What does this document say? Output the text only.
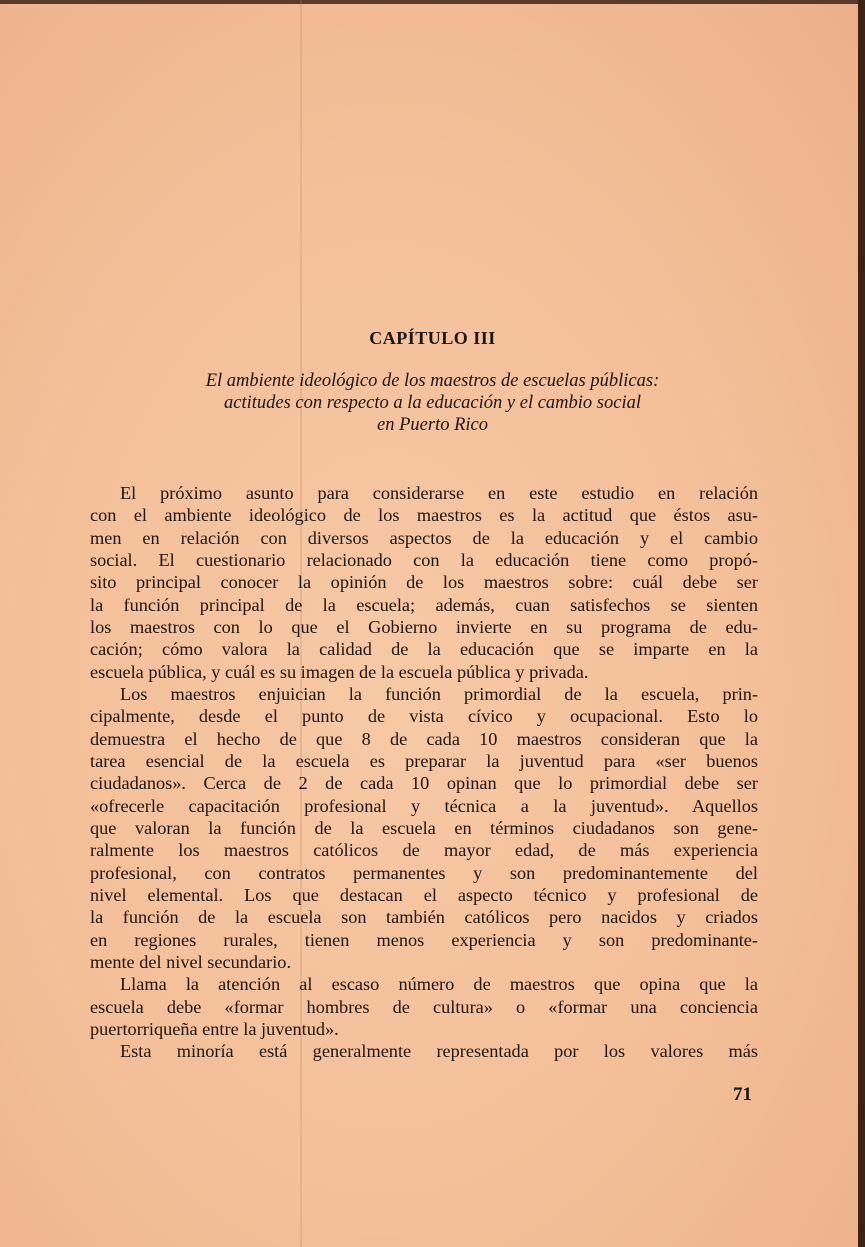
CAPÍTULO III
El ambiente ideológico de los maestros de escuelas públicas:
actitudes con respecto a la educación y el cambio social
en Puerto Rico
El próximo asunto para considerarse en este estudio en relación
con el ambiente ideológico de los maestros es la actitud que éstos asu-
men en relación con diversos aspectos de la educación y el cambio
social. El cuestionario relacionado con la educación tiene como propó-
sito principal conocer la opinión de los maestros sobre: cuál debe ser
la función principal de la escuela; además, cuan satisfechos se sienten
los maestros con lo que el Gobierno invierte en su programa de edu-
cación; cómo valora la calidad de la educación que se imparte en la
escuela pública, y cuál es su imagen de la escuela pública y privada.
Los maestros enjuician la función primordial de la escuela, prin-
cipalmente, desde el punto de vista cívico y ocupacional. Esto lo
demuestra el hecho de que 8 de cada 10 maestros consideran que la
tarea esencial de la escuela es preparar la juventud para «ser buenos
ciudadanos». Cerca de 2 de cada 10 opinan que lo primordial debe ser
«ofrecerle capacitación profesional y técnica a la juventud». Aquellos
que valoran la función de la escuela en términos ciudadanos son gene-
ralmente los maestros católicos de mayor edad, de más experiencia
profesional, con contratos permanentes y son predominantemente del
nivel elemental. Los que destacan el aspecto técnico y profesional de
la función de la escuela son también católicos pero nacidos y criados
en regiones rurales, tienen menos experiencia y son predominante-
mente del nivel secundario.
Llama la atención al escaso número de maestros que opina que la
escuela debe «formar hombres de cultura» o «formar una conciencia
puertorriqueña entre la juventud».
Esta minoría está generalmente representada por los valores más
71
